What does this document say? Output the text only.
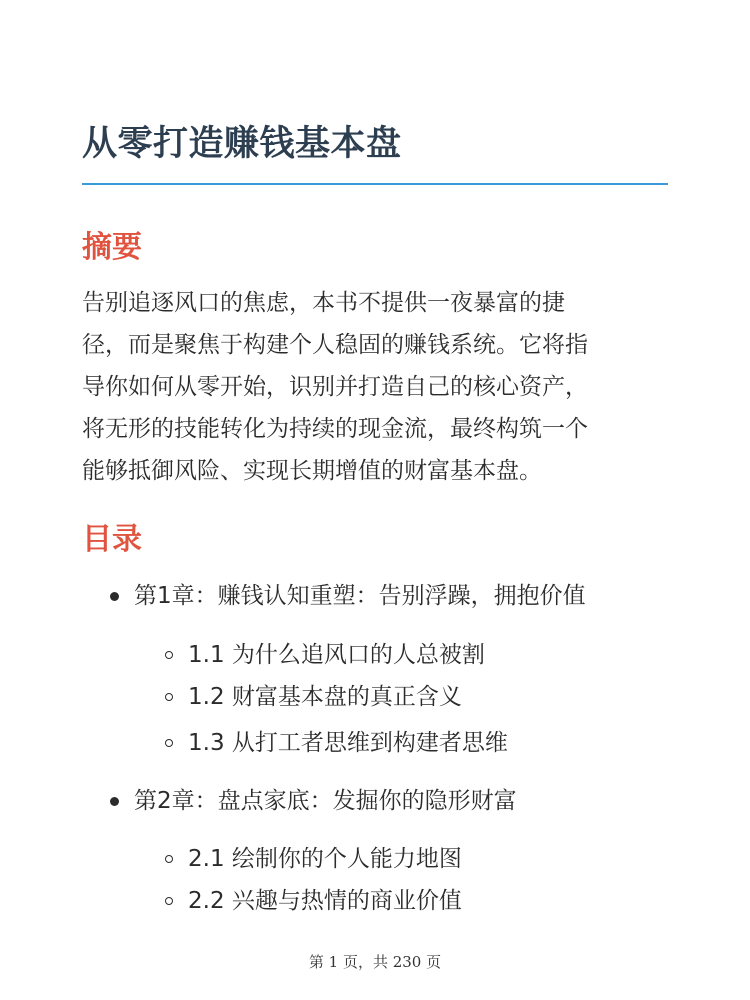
从零打造赚钱基本盘
摘要

告别追逐风口的焦虑，本书不提供一夜暴富的捷
径，而是聚焦于构建个人稳固的赚钱系统。它将指
导你如何从零开始，识别并打造自己的核心资产，
将无形的技能转化为持续的现金流，最终构筑一个
能够抵御风险、实现长期增值的财富基本盘。

目录
第1章：赚钱认知重塑：告别浮躁，拥抱价值
1.1 为什么追风口的人总被割
1.2 财富基本盘的真正含义
1.3 从打工者思维到构建者思维
第2章：盘点家底：发掘你的隐形财富
2.1 绘制你的个人能力地图
2.2 兴趣与热情的商业价值
第 1 页，共 230 页
